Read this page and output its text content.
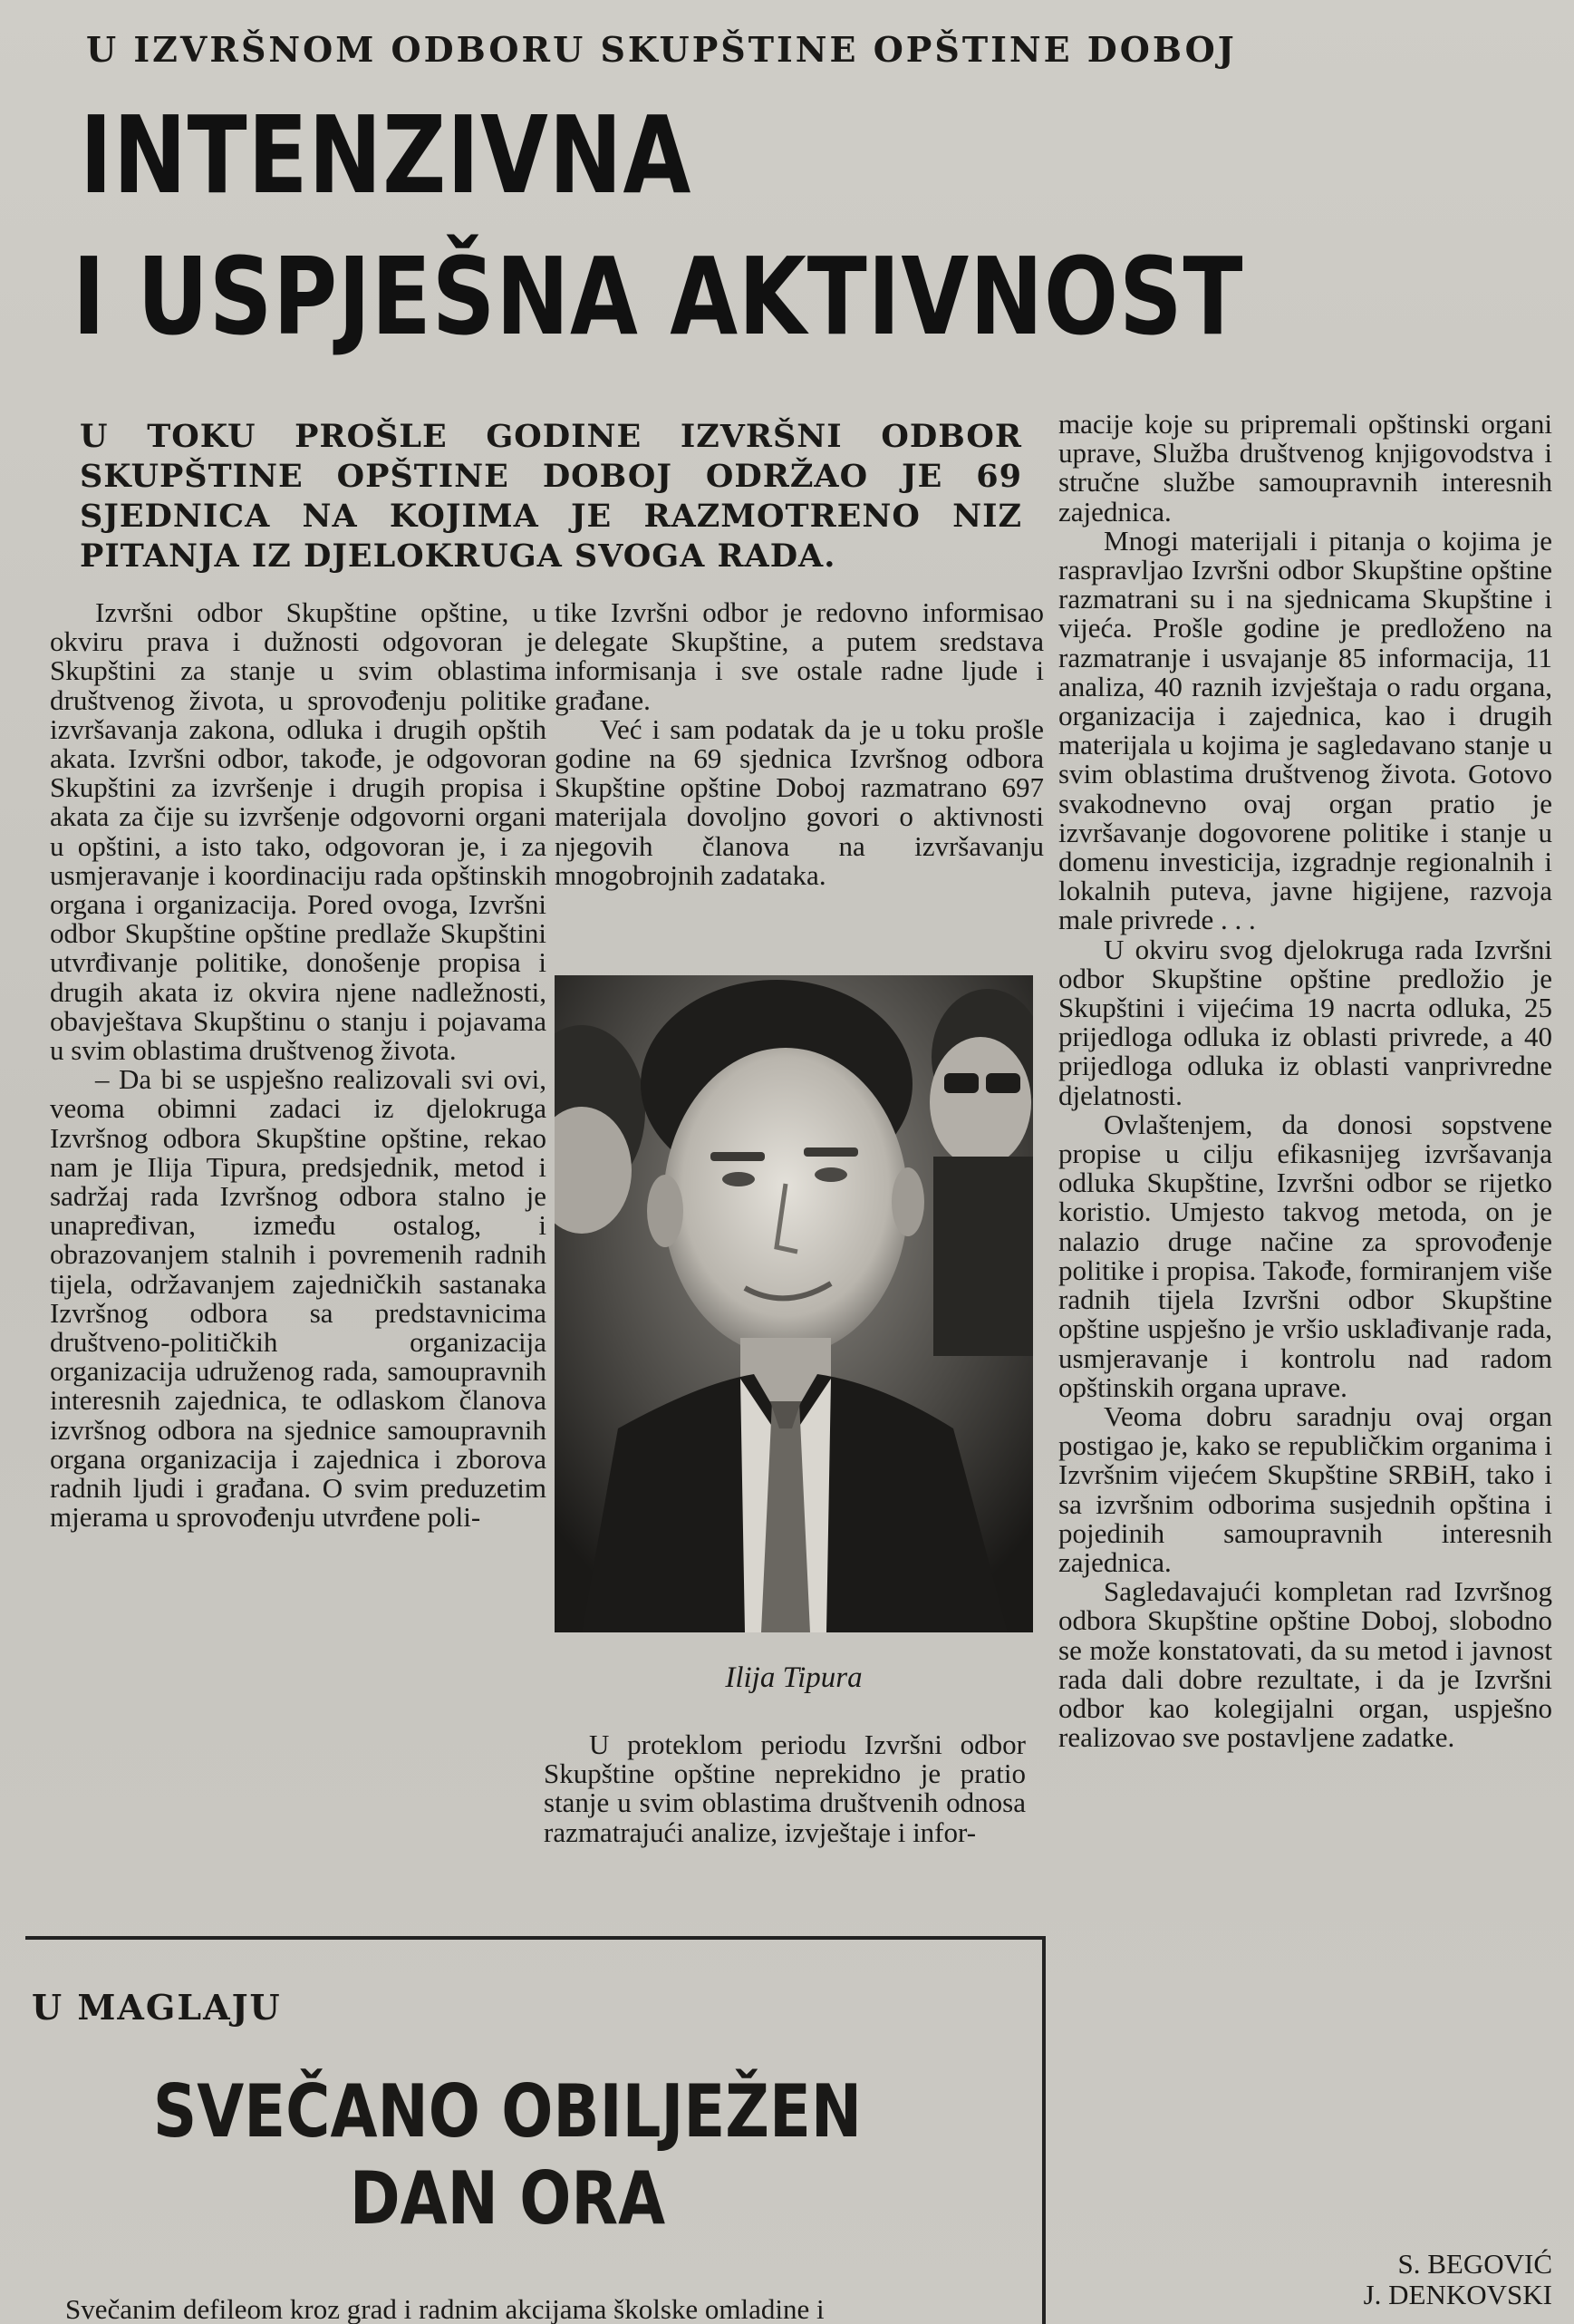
U IZVRŠNOM ODBORU SKUPŠTINE OPŠTINE DOBOJ
INTENZIVNA
I USPJEŠNA AKTIVNOST
U TOKU PROŠLE GODINE IZVRŠNI ODBOR SKUPŠTINE OPŠTINE DOBOJ ODRŽAO JE 69 SJEDNICA NA KOJIMA JE RAZMOTRENO NIZ PITANJA IZ DJELOKRUGA SVOGA RADA.

Izvršni odbor Skupštine opštine, u okviru prava i dužnosti odgovoran je Skupštini za stanje u svim oblastima društvenog života, u sprovođenju politike izvršavanja zakona, odluka i drugih opštih akata. Izvršni odbor, takođe, je odgovoran Skupštini za izvršenje i drugih propisa i akata za čije su izvršenje odgovorni organi u opštini, a isto tako, odgovoran je, i za usmjeravanje i koordinaciju rada opštinskih organa i organizacija. Pored ovoga, Izvršni odbor Skupštine opštine predlaže Skupštini utvrđivanje politike, donošenje propisa i drugih akata iz okvira njene nadležnosti, obavještava Skupštinu o stanju i pojavama u svim oblastima društvenog života.

– Da bi se uspješno realizovali svi ovi, veoma obimni zadaci iz djelokruga Izvršnog odbora Skupštine opštine, rekao nam je Ilija Tipura, predsjednik, metod i sadržaj rada Izvršnog odbora stalno je unapređivan, između ostalog, i obrazovanjem stalnih i povremenih radnih tijela, održavanjem zajedničkih sastanaka Izvršnog odbora sa predstavnicima društveno-političkih organizacija organizacija udruženog rada, samoupravnih interesnih zajednica, te odlaskom članova izvršnog odbora na sjednice samoupravnih organa organizacija i zajednica i zborova radnih ljudi i građana. O svim preduzetim mjerama u sprovođenju utvrđene poli-

tike Izvršni odbor je redovno informisao delegate Skupštine, a putem sredstava informisanja i sve ostale radne ljude i građane.

Već i sam podatak da je u toku prošle godine na 69 sjednica Izvršnog odbora Skupštine opštine Doboj razmatrano 697 materijala dovoljno govori o aktivnosti njegovih članova na izvršavanju mnogobrojnih zadataka.

Ilija Tipura

U proteklom periodu Izvršni odbor Skupštine opštine neprekidno je pratio stanje u svim oblastima društvenih odnosa razmatrajući analize, izvještaje i infor-

macije koje su pripremali opštinski organi uprave, Služba društvenog knjigovodstva i stručne službe samoupravnih interesnih zajednica.

Mnogi materijali i pitanja o kojima je raspravljao Izvršni odbor Skupštine opštine razmatrani su i na sjednicama Skupštine i vijeća. Prošle godine je predloženo na razmatranje i usvajanje 85 informacija, 11 analiza, 40 raznih izvještaja o radu organa, organizacija i zajednica, kao i drugih materijala u kojima je sagledavano stanje u svim oblastima društvenog života. Gotovo svakodnevno ovaj organ pratio je izvršavanje dogovorene politike i stanje u domenu investicija, izgradnje regionalnih i lokalnih puteva, javne higijene, razvoja male privrede . . .

U okviru svog djelokruga rada Izvršni odbor Skupštine opštine predložio je Skupštini i vijećima 19 nacrta odluka, 25 prijedloga odluka iz oblasti privrede, a 40 prijedloga odluka iz oblasti vanprivredne djelatnosti.

Ovlaštenjem, da donosi sopstvene propise u cilju efikasnijeg izvršavanja odluka Skupštine, Izvršni odbor se rijetko koristio. Umjesto takvog metoda, on je nalazio druge načine za sprovođenje politike i propisa. Takođe, formiranjem više radnih tijela Izvršni odbor Skupštine opštine uspješno je vršio usklađivanje rada, usmjeravanje i kontrolu nad radom opštinskih organa uprave.

Veoma dobru saradnju ovaj organ postigao je, kako se republičkim organima i Izvršnim vijećem Skupštine SRBiH, tako i sa izvršnim odborima susjednih opština i pojedinih samoupravnih interesnih zajednica.

Sagledavajući kompletan rad Izvršnog odbora Skupštine opštine Doboj, slobodno se može konstatovati, da su metod i javnost rada dali dobre rezultate, i da je Izvršni odbor kao kolegijalni organ, uspješno realizovao sve postavljene zadatke.

S. BEGOVIĆ
J. DENKOVSKI
U MAGLAJU
SVEČANO OBILJEŽEN DAN ORA
Svečanim defileom kroz grad i radnim akcijama školske omladine i
